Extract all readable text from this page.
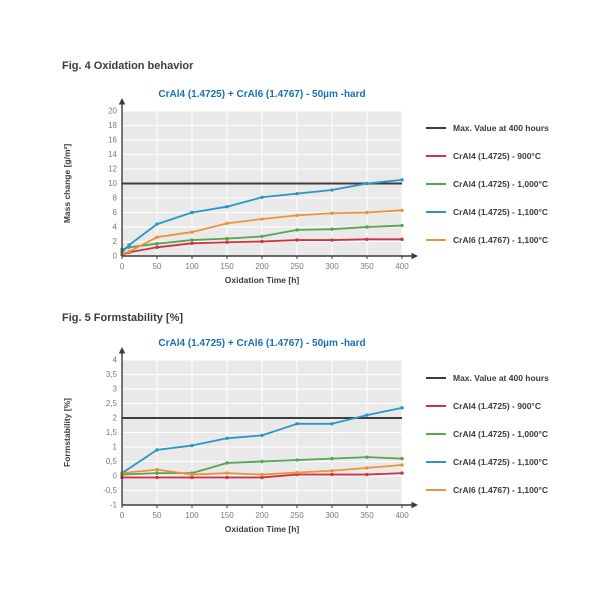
Fig. 4 Oxidation behavior
CrAl4 (1.4725) + CrAl6 (1.4767) - 50µm -hard
0	50	100	150	200	250	300	350	400
0
2
4
6
8
10
12
14
16
18
20
Oxidation Time [h]
Mass change [g/m²]
Max. Value at 400 hours
CrAl4 (1.4725) - 900°C
CrAl4 (1.4725) - 1,000°C
CrAl4 (1.4725) - 1,100°C
CrAl6 (1.4767) - 1,100°C
Fig. 5 Formstability [%]
CrAl4 (1.4725) + CrAl6 (1.4767) - 50µm -hard
0	50	100	150	200	250	300	350	400
-1
-0,5
0
0,5
1
1,5
2
2,5
3
3,5
4
Oxidation Time [h]
Formstability [%]
Max. Value at 400 hours
CrAl4 (1.4725) - 900°C
CrAl4 (1.4725) - 1,000°C
CrAl4 (1.4725) - 1,100°C
CrAl6 (1.4767) - 1,100°C
